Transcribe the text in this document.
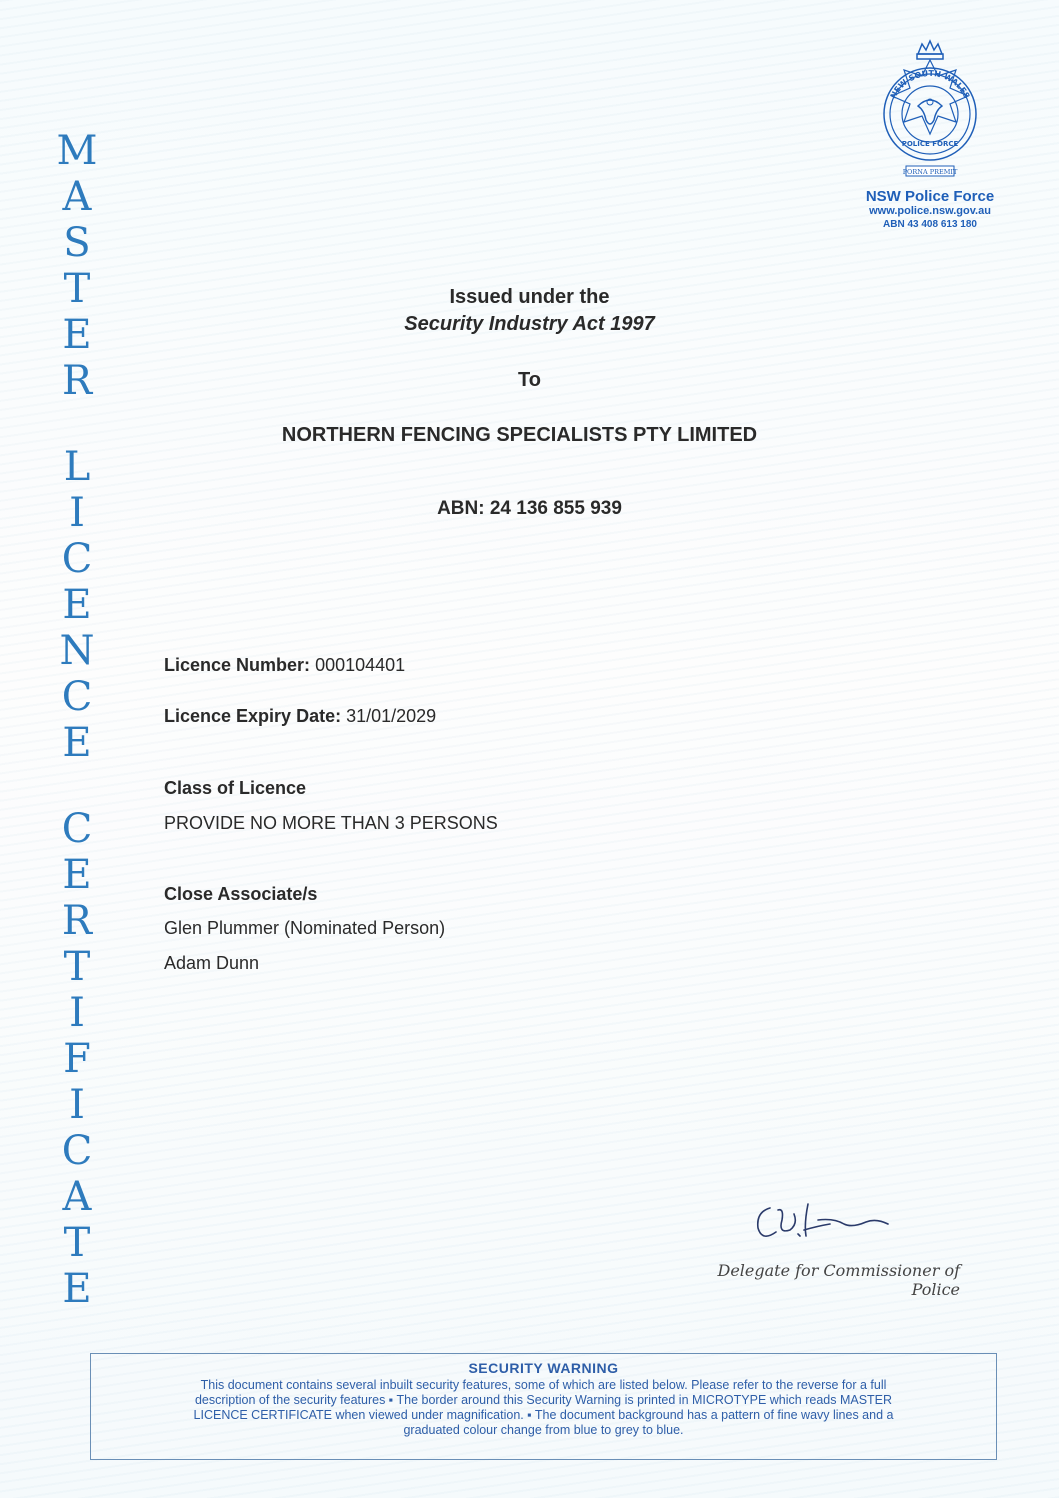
M
A
S
T
E
R
L
I
C
E
N
C
E
C
E
R
T
I
F
I
C
A
T
E
NEW SOUTH WALES
POLICE FORCE
PORNA PREMIT
NSW Police Force
www.police.nsw.gov.au
ABN 43 408 613 180
Issued under the
Security Industry Act 1997
To
NORTHERN FENCING SPECIALISTS PTY LIMITED
ABN: 24 136 855 939
Licence Number: 000104401
Licence Expiry Date: 31/01/2029
Class of Licence
PROVIDE NO MORE THAN 3 PERSONS
Close Associate/s
Glen Plummer (Nominated Person)
Adam Dunn
Delegate for Commissioner of Police
SECURITY WARNING
This document contains several inbuilt security features, some of which are listed below. Please refer to the reverse for a full
description of the security features ▪ The border around this Security Warning is printed in MICROTYPE which reads MASTER
LICENCE CERTIFICATE when viewed under magnification. ▪ The document background has a pattern of fine wavy lines and a
graduated colour change from blue to grey to blue.
